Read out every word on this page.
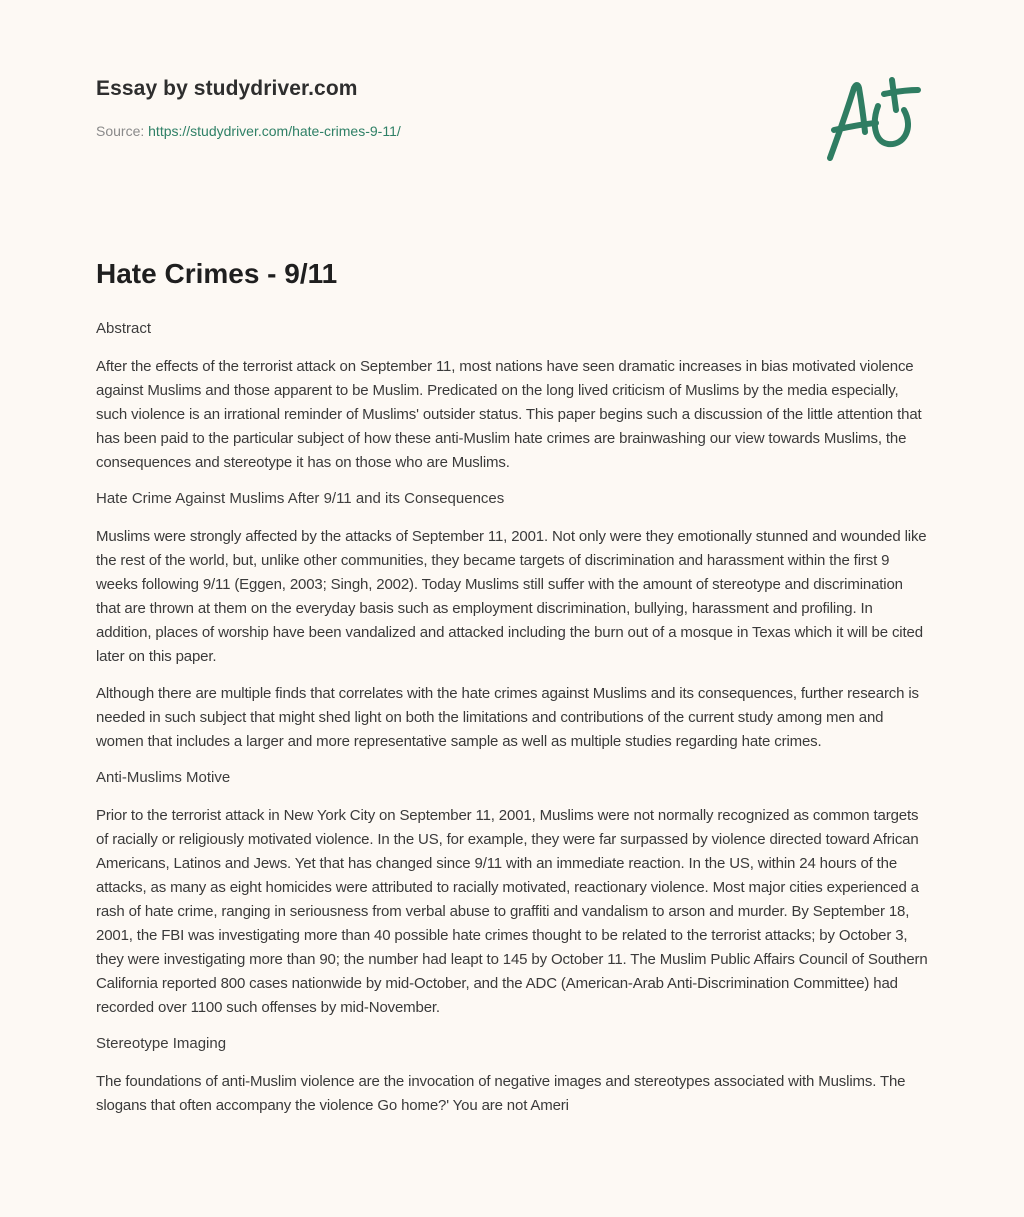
Essay by studydriver.com
Source: https://studydriver.com/hate-crimes-9-11/
Hate Crimes - 9/11
Abstract

After the effects of the terrorist attack on September 11, most nations have seen dramatic increases in bias motivated violence against Muslims and those apparent to be Muslim. Predicated on the long lived criticism of Muslims by the media especially, such violence is an irrational reminder of Muslims' outsider status. This paper begins such a discussion of the little attention that has been paid to the particular subject of how these anti-Muslim hate crimes are brainwashing our view towards Muslims, the consequences and stereotype it has on those who are Muslims.

Hate Crime Against Muslims After 9/11 and its Consequences

Muslims were strongly affected by the attacks of September 11, 2001. Not only were they emotionally stunned and wounded like the rest of the world, but, unlike other communities, they became targets of discrimination and harassment within the first 9 weeks following 9/11 (Eggen, 2003; Singh, 2002). Today Muslims still suffer with the amount of stereotype and discrimination that are thrown at them on the everyday basis such as employment discrimination, bullying, harassment and profiling. In addition, places of worship have been vandalized and attacked including the burn out of a mosque in Texas which it will be cited later on this paper.

Although there are multiple finds that correlates with the hate crimes against Muslims and its consequences, further research is needed in such subject that might shed light on both the limitations and contributions of the current study among men and women that includes a larger and more representative sample as well as multiple studies regarding hate crimes.

Anti-Muslims Motive

Prior to the terrorist attack in New York City on September 11, 2001, Muslims were not normally recognized as common targets of racially or religiously motivated violence. In the US, for example, they were far surpassed by violence directed toward African Americans, Latinos and Jews. Yet that has changed since 9/11 with an immediate reaction. In the US, within 24 hours of the attacks, as many as eight homicides were attributed to racially motivated, reactionary violence. Most major cities experienced a rash of hate crime, ranging in seriousness from verbal abuse to graffiti and vandalism to arson and murder. By September 18, 2001, the FBI was investigating more than 40 possible hate crimes thought to be related to the terrorist attacks; by October 3, they were investigating more than 90; the number had leapt to 145 by October 11. The Muslim Public Affairs Council of Southern California reported 800 cases nationwide by mid-October, and the ADC (American-Arab Anti-Discrimination Committee) had recorded over 1100 such offenses by mid-November.

Stereotype Imaging

The foundations of anti-Muslim violence are the invocation of negative images and stereotypes associated with Muslims. The slogans that often accompany the violence Go home?' You are not Ameri
